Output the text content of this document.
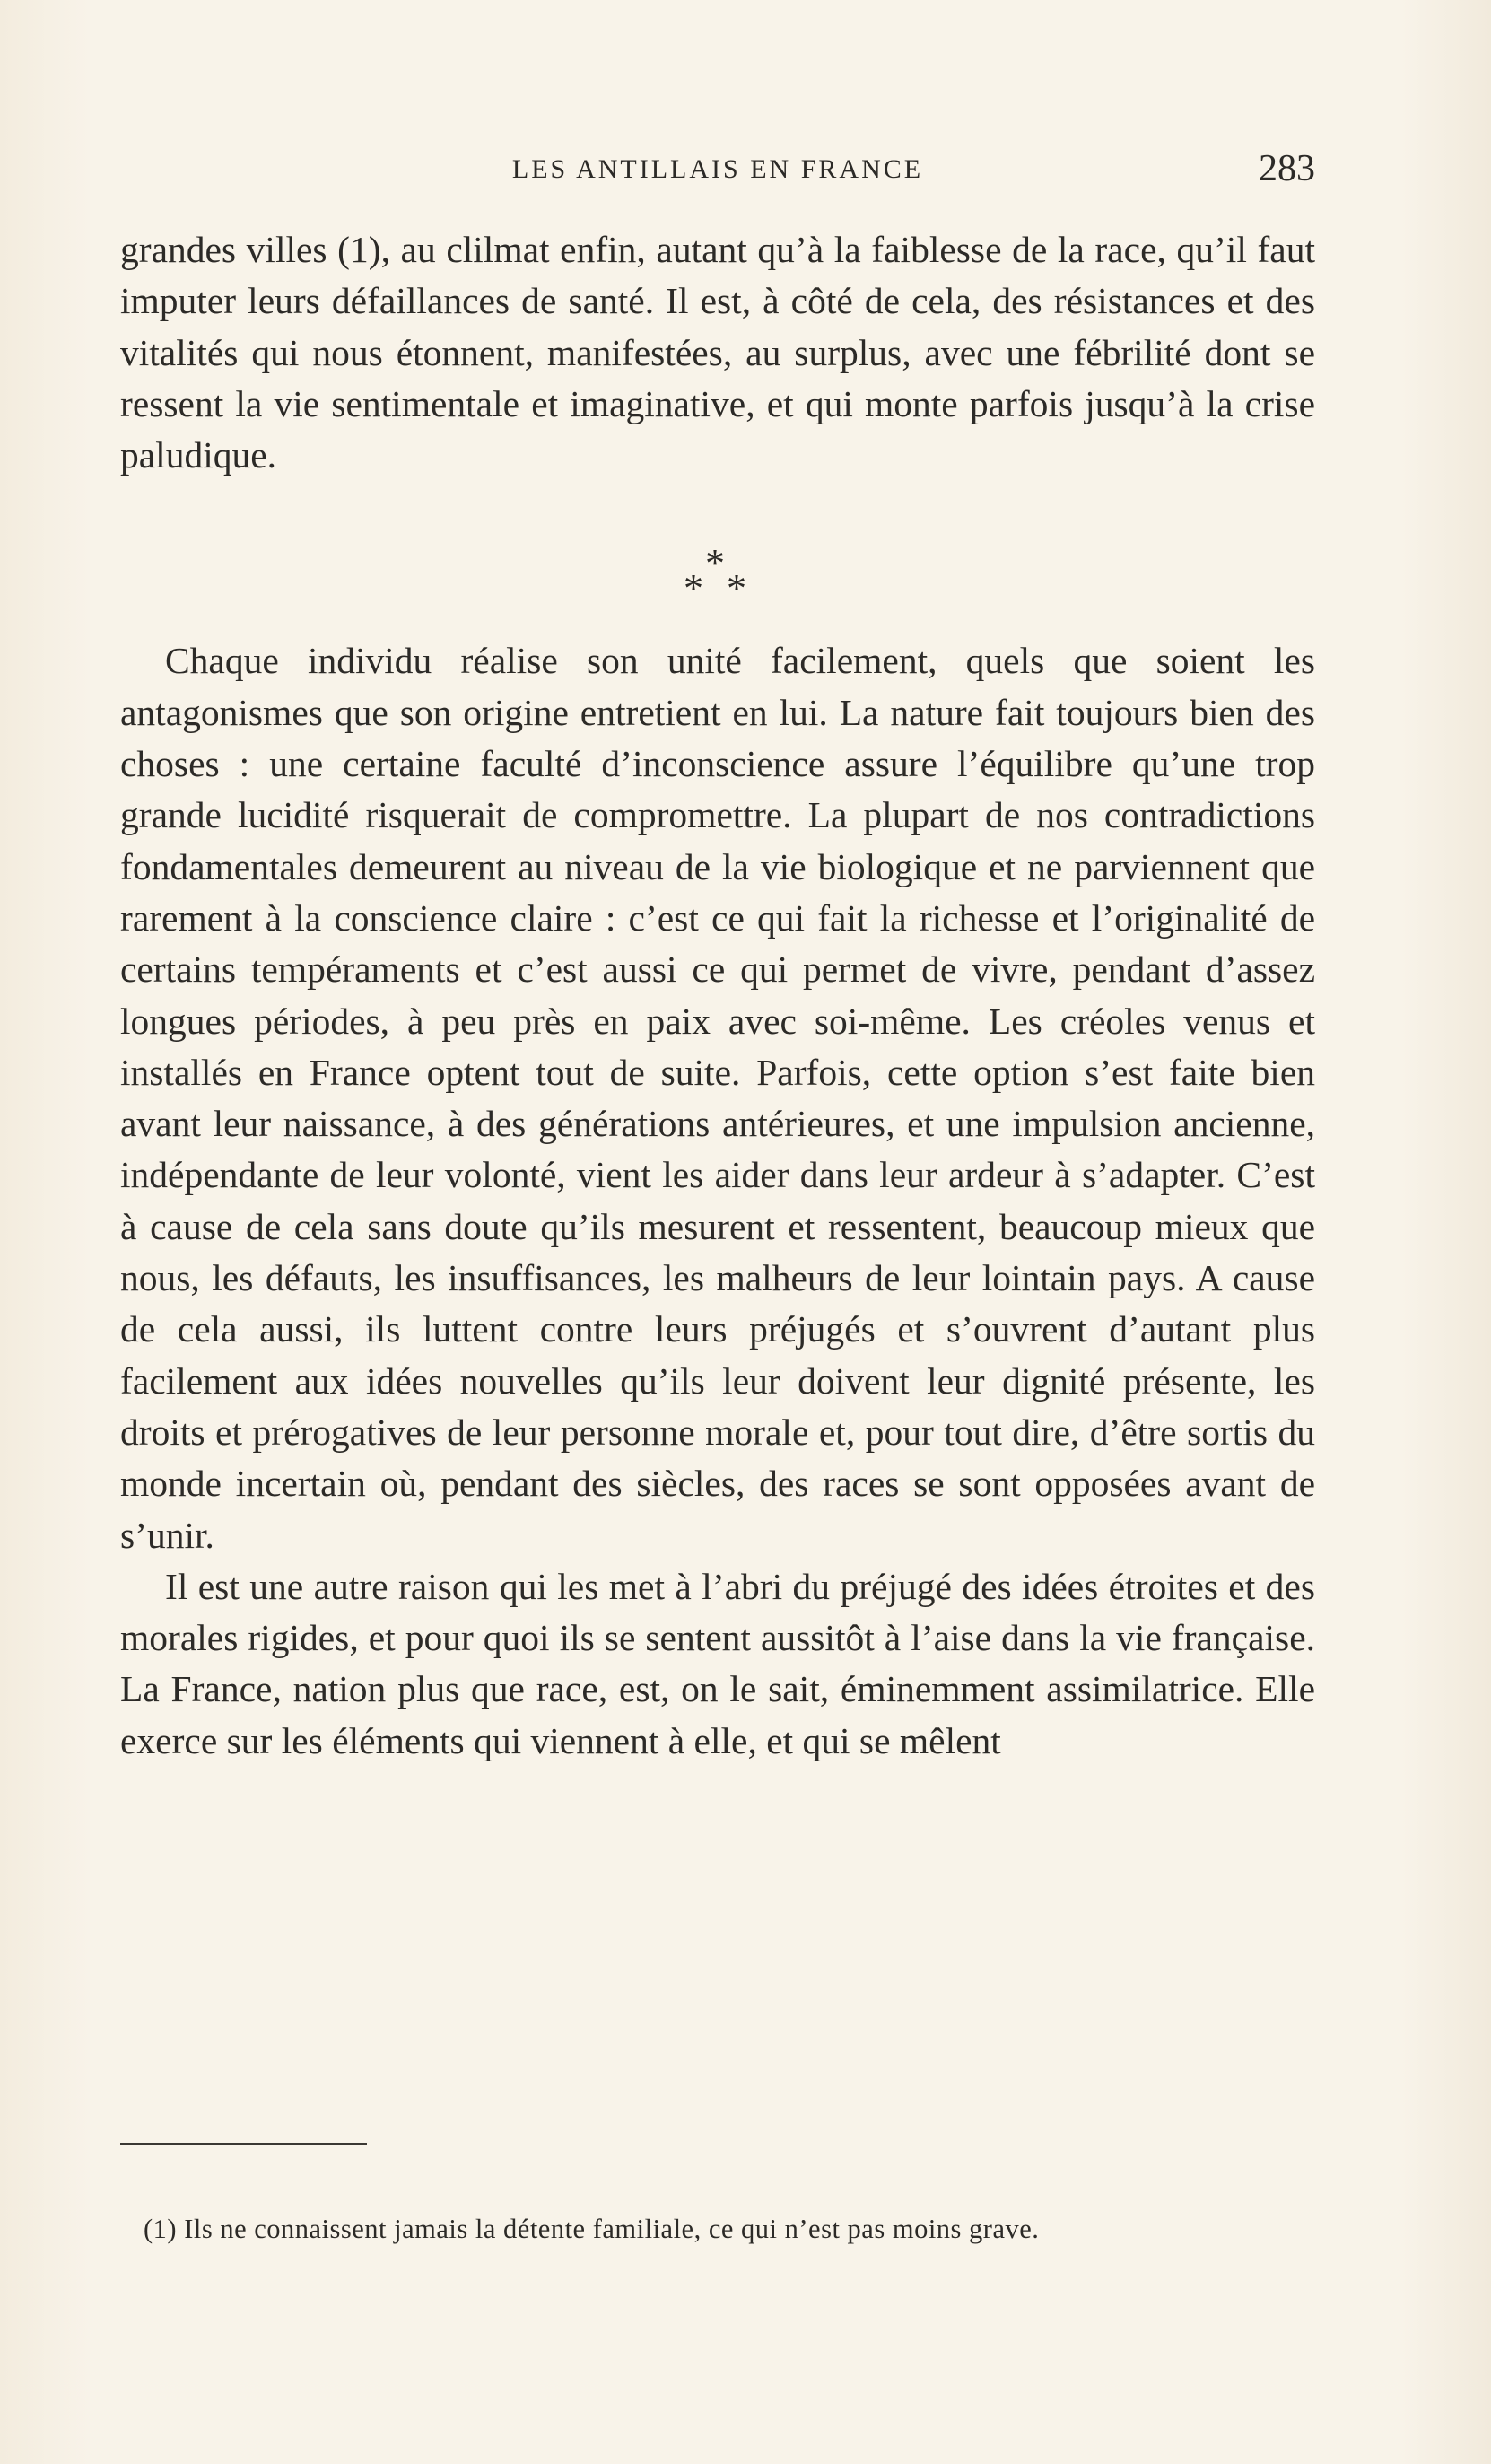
LES ANTILLAIS EN FRANCE	283

grandes villes (1), au clilmat enfin, autant qu’à la faiblesse de la race, qu’il faut imputer leurs défaillances de santé. Il est, à côté de cela, des résistances et des vitalités qui nous étonnent, manifestées, au surplus, avec une fébrilité dont se ressent la vie sentimentale et imaginative, et qui monte parfois jusqu’à la crise paludique.

*
* *

Chaque individu réalise son unité facilement, quels que soient les antagonismes que son origine entretient en lui. La nature fait toujours bien des choses : une certaine faculté d’inconscience assure l’équilibre qu’une trop grande lucidité risquerait de compromettre. La plupart de nos contradictions fondamentales demeurent au niveau de la vie biologique et ne parviennent que rarement à la conscience claire : c’est ce qui fait la richesse et l’originalité de certains tempéraments et c’est aussi ce qui permet de vivre, pendant d’assez longues périodes, à peu près en paix avec soi-même. Les créoles venus et installés en France optent tout de suite. Parfois, cette option s’est faite bien avant leur naissance, à des générations antérieures, et une impulsion ancienne, indépendante de leur volonté, vient les aider dans leur ardeur à s’adapter. C’est à cause de cela sans doute qu’ils mesurent et ressentent, beaucoup mieux que nous, les défauts, les insuffisances, les malheurs de leur lointain pays. A cause de cela aussi, ils luttent contre leurs préjugés et s’ouvrent d’autant plus facilement aux idées nouvelles qu’ils leur doivent leur dignité présente, les droits et prérogatives de leur personne morale et, pour tout dire, d’être sortis du monde incertain où, pendant des siècles, des races se sont opposées avant de s’unir.

Il est une autre raison qui les met à l’abri du préjugé des idées étroites et des morales rigides, et pour quoi ils se sentent aussitôt à l’aise dans la vie française. La France, nation plus que race, est, on le sait, éminemment assimilatrice. Elle exerce sur les éléments qui viennent à elle, et qui se mêlent

(1) Ils ne connaissent jamais la détente familiale, ce qui n’est pas moins grave.
